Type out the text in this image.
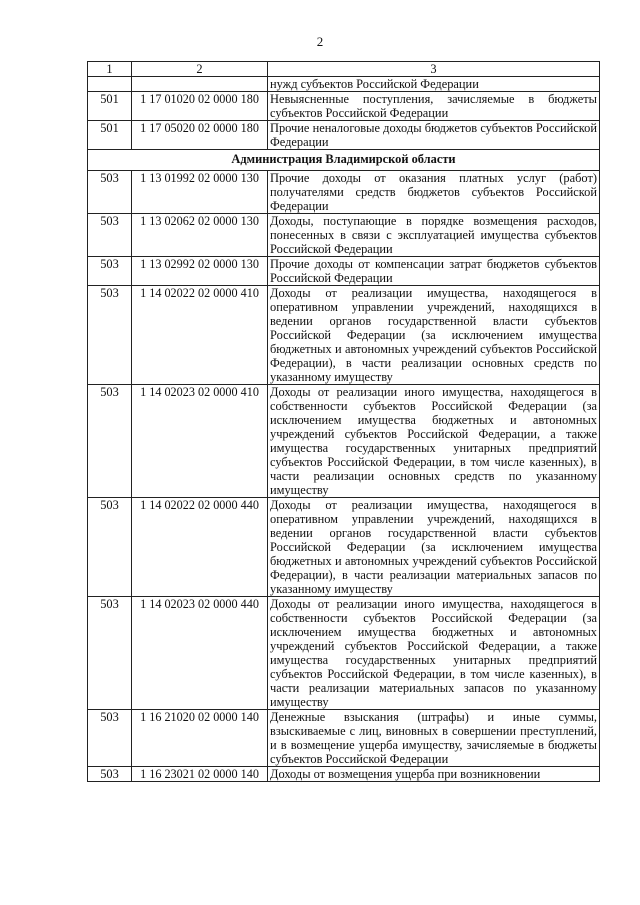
2
1	2	3
		нужд субъектов Российской Федерации
501	1 17 01020 02 0000 180	Невыясненные поступления, зачисляемые в бюджеты субъектов Российской Федерации
501	1 17 05020 02 0000 180	Прочие неналоговые доходы бюджетов субъектов Российской Федерации
Администрация Владимирской области		
503	1 13 01992 02 0000 130	Прочие доходы от оказания платных услуг (работ) получателями средств бюджетов субъектов Российской Федерации
503	1 13 02062 02 0000 130	Доходы, поступающие в порядке возмещения расходов, понесенных в связи с эксплуатацией имущества субъектов Российской Федерации
503	1 13 02992 02 0000 130	Прочие доходы от компенсации затрат бюджетов субъектов Российской Федерации
503	1 14 02022 02 0000 410	Доходы от реализации имущества, находящегося в оперативном управлении учреждений, находящихся в ведении органов государственной власти субъектов Российской Федерации (за исключением имущества бюджетных и автономных учреждений субъектов Российской Федерации), в части реализации основных средств по указанному имуществу
503	1 14 02023 02 0000 410	Доходы от реализации иного имущества, находящегося в собственности субъектов Российской Федерации (за исключением имущества бюджетных и автономных учреждений субъектов Российской Федерации, а также имущества государственных унитарных предприятий субъектов Российской Федерации, в том числе казенных), в части реализации основных средств по указанному имуществу
503	1 14 02022 02 0000 440	Доходы от реализации имущества, находящегося в оперативном управлении учреждений, находящихся в ведении органов государственной власти субъектов Российской Федерации (за исключением имущества бюджетных и автономных учреждений субъектов Российской Федерации), в части реализации материальных запасов по указанному имуществу
503	1 14 02023 02 0000 440	Доходы от реализации иного имущества, находящегося в собственности субъектов Российской Федерации (за исключением имущества бюджетных и автономных учреждений субъектов Российской Федерации, а также имущества государственных унитарных предприятий субъектов Российской Федерации, в том числе казенных), в части реализации материальных запасов по указанному имуществу
503	1 16 21020 02 0000 140	Денежные взыскания (штрафы) и иные суммы, взыскиваемые с лиц, виновных в совершении преступлений, и в возмещение ущерба имуществу, зачисляемые в бюджеты субъектов Российской Федерации
503	1 16 23021 02 0000 140	Доходы от возмещения ущерба при возникновении
